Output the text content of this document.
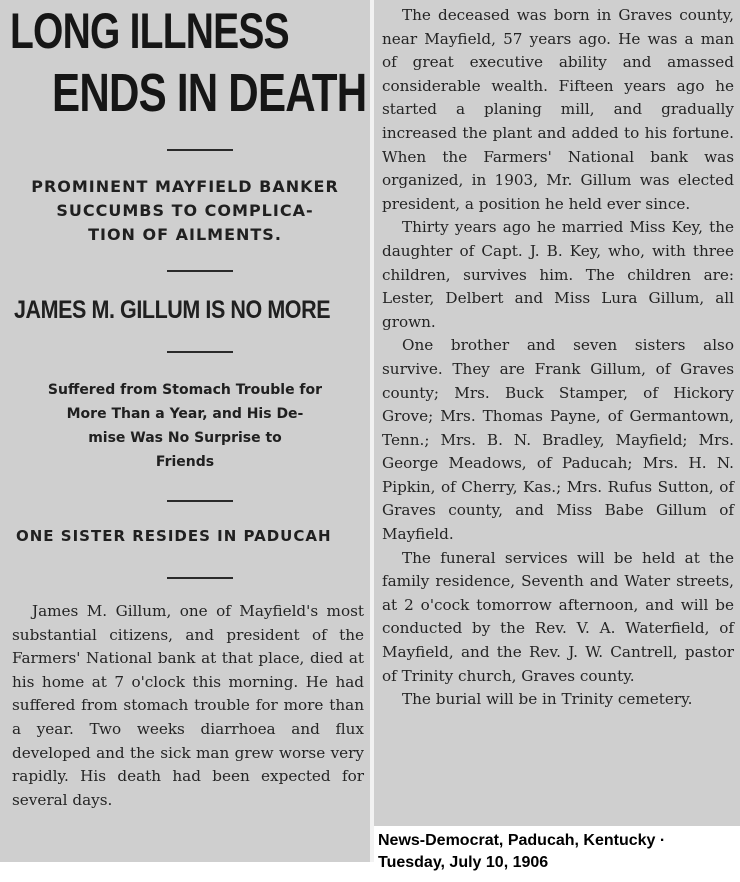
LONG ILLNESS
ENDS IN DEATH
PROMINENT MAYFIELD BANKER
SUCCUMBS TO COMPLICA-
TION OF AILMENTS.
JAMES M. GILLUM IS NO MORE
Suffered from Stomach Trouble for
More Than a Year, and His De-
mise Was No Surprise to
Friends
ONE SISTER RESIDES IN PADUCAH
James M. Gillum, one of Mayfield's most substantial citizens, and president of the Farmers' National bank at that place, died at his home at 7 o'clock this morning. He had suffered from stomach trouble for more than a year. Two weeks diarrhoea and flux developed and the sick man grew worse very rapidly. His death had been expected for several days.

The deceased was born in Graves county, near Mayfield, 57 years ago. He was a man of great executive ability and amassed considerable wealth. Fifteen years ago he started a planing mill, and gradually increased the plant and added to his fortune. When the Farmers' National bank was organized, in 1903, Mr. Gillum was elected president, a position he held ever since.

Thirty years ago he married Miss Key, the daughter of Capt. J. B. Key, who, with three children, survives him. The children are: Lester, Delbert and Miss Lura Gillum, all grown.

One brother and seven sisters also survive. They are Frank Gillum, of Graves county; Mrs. Buck Stamper, of Hickory Grove; Mrs. Thomas Payne, of Germantown, Tenn.; Mrs. B. N. Bradley, Mayfield; Mrs. George Meadows, of Paducah; Mrs. H. N. Pipkin, of Cherry, Kas.; Mrs. Rufus Sutton, of Graves county, and Miss Babe Gillum of Mayfield.

The funeral services will be held at the family residence, Seventh and Water streets, at 2 o'cock tomorrow afternoon, and will be conducted by the Rev. V. A. Waterfield, of Mayfield, and the Rev. J. W. Cantrell, pastor of Trinity church, Graves county.

The burial will be in Trinity cemetery.

News-Democrat, Paducah, Kentucky ·
Tuesday, July 10, 1906
